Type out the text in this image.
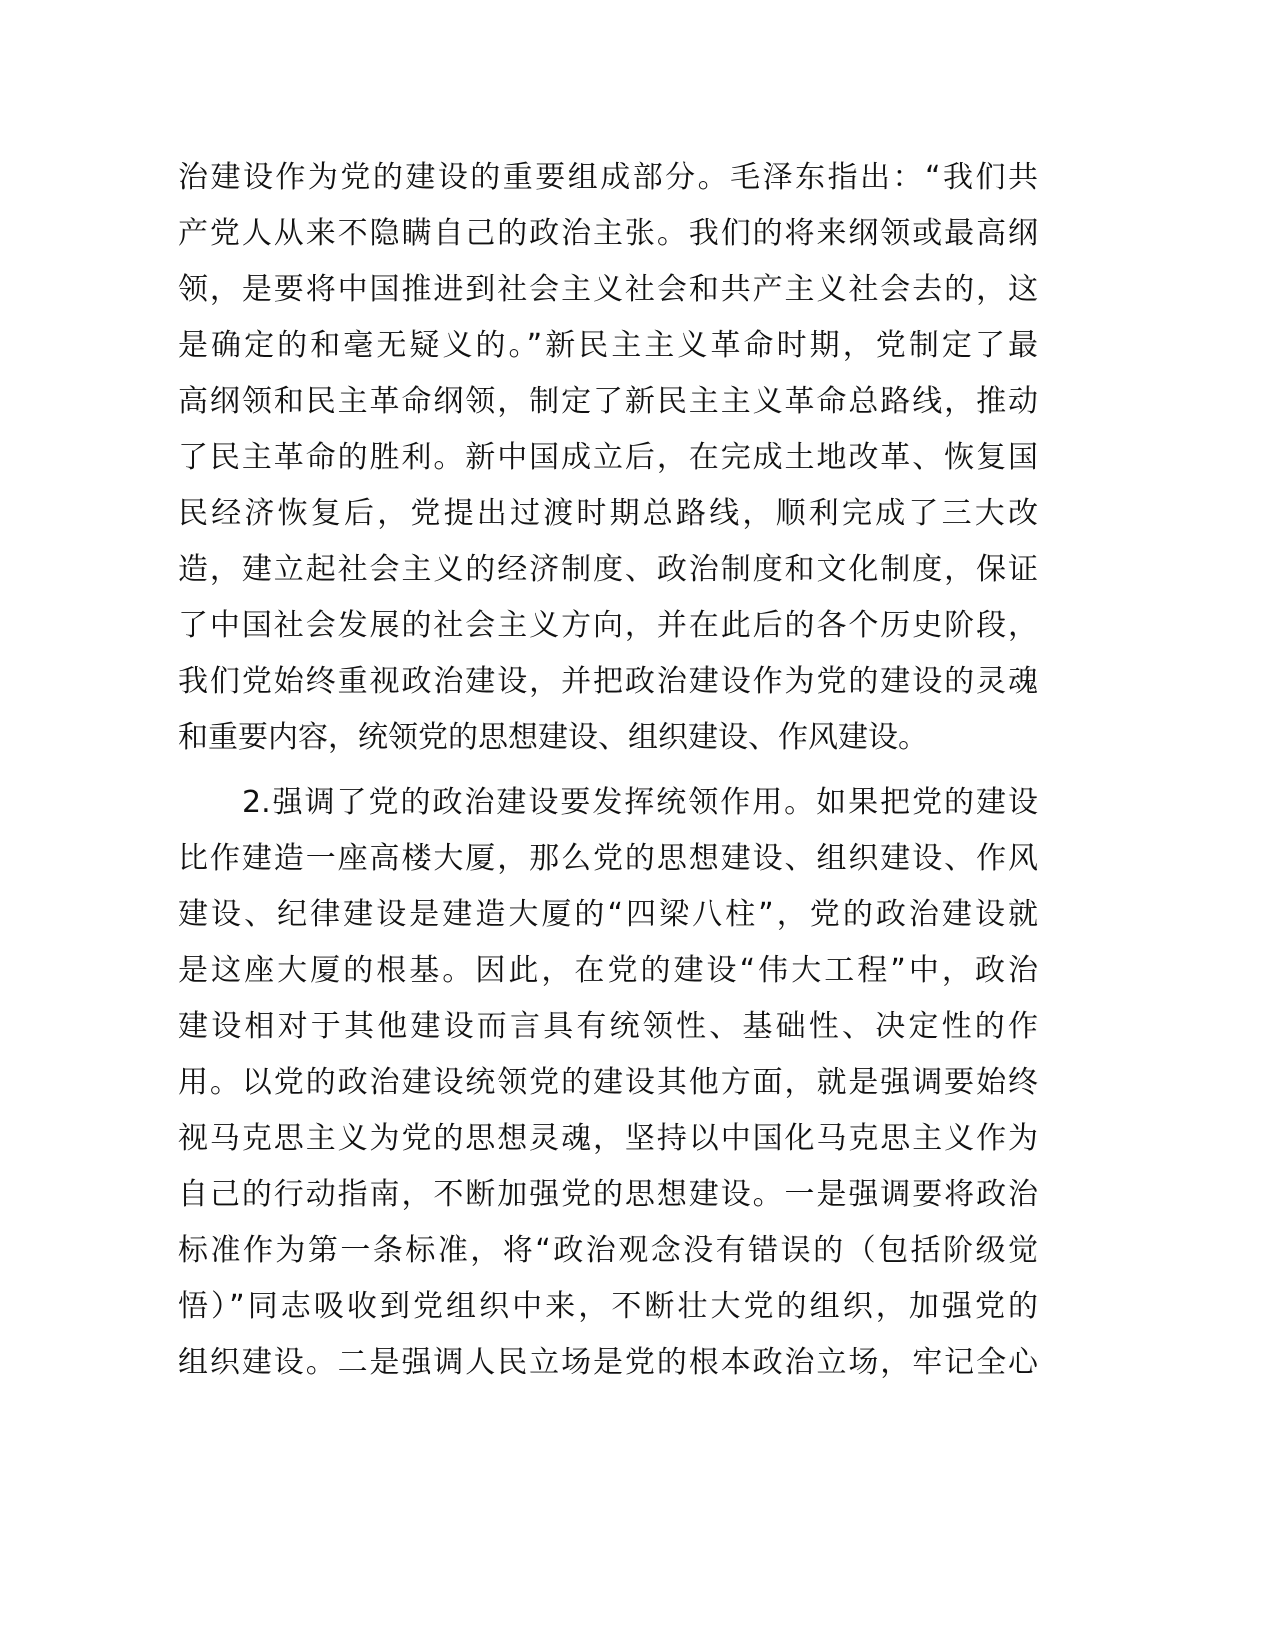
治建设作为党的建设的重要组成部分。毛泽东指出：“我们共
产党人从来不隐瞒自己的政治主张。我们的将来纲领或最高纲
领，是要将中国推进到社会主义社会和共产主义社会去的，这
是确定的和毫无疑义的。”新民主主义革命时期，党制定了最
高纲领和民主革命纲领，制定了新民主主义革命总路线，推动
了民主革命的胜利。新中国成立后，在完成土地改革、恢复国
民经济恢复后，党提出过渡时期总路线，顺利完成了三大改
造，建立起社会主义的经济制度、政治制度和文化制度，保证
了中国社会发展的社会主义方向，并在此后的各个历史阶段，
我们党始终重视政治建设，并把政治建设作为党的建设的灵魂
和重要内容，统领党的思想建设、组织建设、作风建设。
2.强调了党的政治建设要发挥统领作用。如果把党的建设
比作建造一座高楼大厦，那么党的思想建设、组织建设、作风
建设、纪律建设是建造大厦的“四梁八柱”，党的政治建设就
是这座大厦的根基。因此，在党的建设“伟大工程”中，政治
建设相对于其他建设而言具有统领性、基础性、决定性的作
用。以党的政治建设统领党的建设其他方面，就是强调要始终
视马克思主义为党的思想灵魂，坚持以中国化马克思主义作为
自己的行动指南，不断加强党的思想建设。一是强调要将政治
标准作为第一条标准，将“政治观念没有错误的（包括阶级觉
悟）”同志吸收到党组织中来，不断壮大党的组织，加强党的
组织建设。二是强调人民立场是党的根本政治立场，牢记全心
